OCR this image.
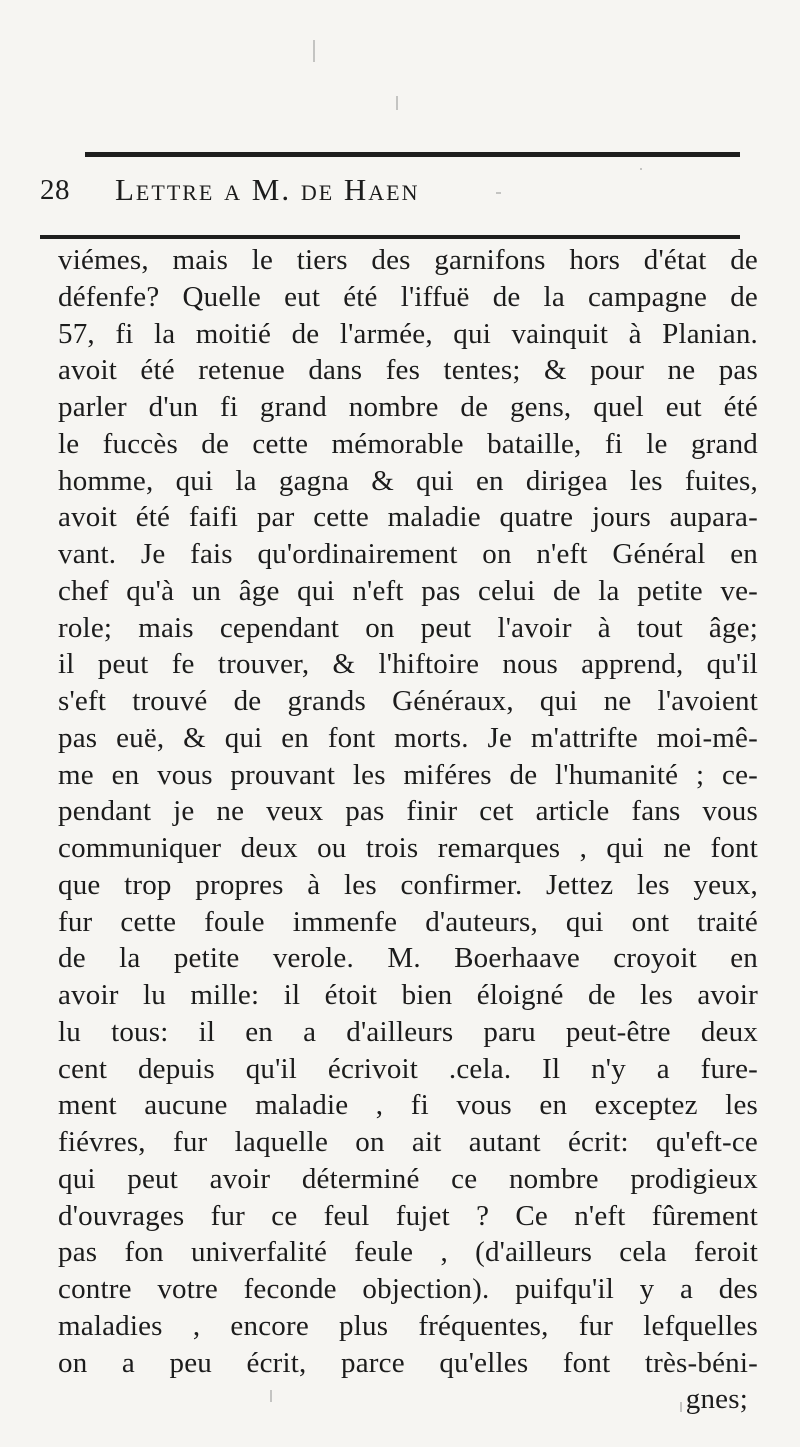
28 Lettre a M. de Haen
viémes, mais le tiers des garnifons hors d'état de
défenfe? Quelle eut été l'iffuë de la campagne de
57, fi la moitié de l'armée, qui vainquit à Planian.
avoit été retenue dans fes tentes; & pour ne pas
parler d'un fi grand nombre de gens, quel eut été
le fuccès de cette mémorable bataille, fi le grand
homme, qui la gagna & qui en dirigea les fuites,
avoit été faifi par cette maladie quatre jours aupara-
vant. Je fais qu'ordinairement on n'eft Général en
chef qu'à un âge qui n'eft pas celui de la petite ve-
role; mais cependant on peut l'avoir à tout âge;
il peut fe trouver, & l'hiftoire nous apprend, qu'il
s'eft trouvé de grands Généraux, qui ne l'avoient
pas euë, & qui en font morts. Je m'attrifte moi-mê-
me en vous prouvant les miféres de l'humanité ; ce-
pendant je ne veux pas finir cet article fans vous
communiquer deux ou trois remarques , qui ne font
que trop propres à les confirmer. Jettez les yeux,
fur cette foule immenfe d'auteurs, qui ont traité
de la petite verole. M. Boerhaave croyoit en
avoir lu mille: il étoit bien éloigné de les avoir
lu tous: il en a d'ailleurs paru peut-être deux
cent depuis qu'il écrivoit .cela. Il n'y a fure-
ment aucune maladie , fi vous en exceptez les
fiévres, fur laquelle on ait autant écrit: qu'eft-ce
qui peut avoir déterminé ce nombre prodigieux
d'ouvrages fur ce feul fujet ? Ce n'eft fûrement
pas fon univerfalité feule , (d'ailleurs cela feroit
contre votre feconde objection). puifqu'il y a des
maladies , encore plus fréquentes, fur lefquelles
on a peu écrit, parce qu'elles font très-béni-
gnes;
